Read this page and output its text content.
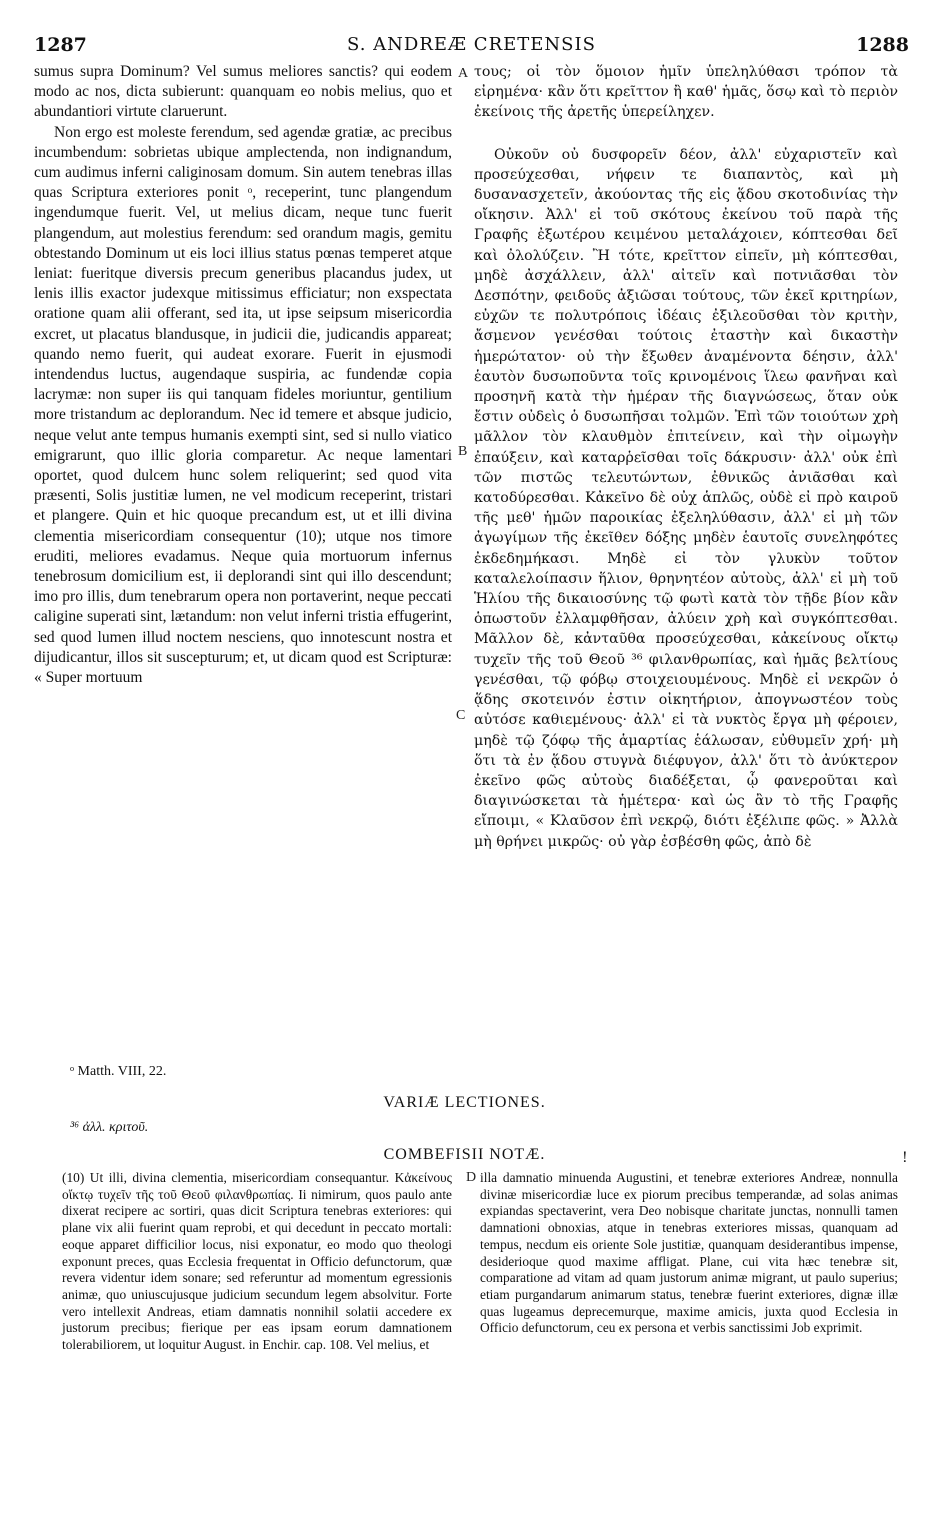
1287	S. ANDREÆ CRETENSIS	1288

sumus supra Dominum? Vel sumus meliores sanctis? qui eodem modo ac nos, dicta subierunt: quanquam eo nobis melius, quo et abundantiori virtute claruerunt.

Non ergo est moleste ferendum, sed agendæ gratiæ, ac precibus incumbendum: sobrietas ubique amplectenda, non indignandum, cum audimus inferni caliginosam domum. Sin autem tenebras illas quas Scriptura exteriores ponit ᵒ, receperint, tunc plangendum ingendumque fuerit. Vel, ut melius dicam, neque tunc fuerit plangendum, aut molestius ferendum: sed orandum magis, gemitu obtestando Dominum ut eis loci illius status pœnas temperet atque leniat: fueritque diversis precum generibus placandus judex, ut lenis illis exactor judexque mitissimus efficiatur; non exspectata oratione quam alii offerant, sed ita, ut ipse seipsum misericordia excret, ut placatus blandusque, in judicii die, judicandis appareat; quando nemo fuerit, qui audeat exorare. Fuerit in ejusmodi intendendus luctus, augendaque suspiria, ac fundendæ copia lacrymæ: non super iis qui tanquam fideles moriuntur, gentilium more tristandum ac deplorandum. Nec id temere et absque judicio, neque velut ante tempus humanis exempti sint, sed si nullo viatico emigrarunt, quo illic gloria comparetur. Ac neque lamentari oportet, quod dulcem hunc solem reliquerint; sed quod vita præsenti, Solis justitiæ lumen, ne vel modicum receperint, tristari et plangere. Quin et hic quoque precandum est, ut et illi divina clementia misericordiam consequentur (10); utque nos timore eruditi, meliores evadamus. Neque quia mortuorum infernus tenebrosum domicilium est, ii deplorandi sint qui illo descendunt; imo pro illis, dum tenebrarum opera non portaverint, neque peccati caligine superati sint, lætandum: non velut inferni tristia effugerint, sed quod lumen illud noctem nesciens, quo innotescunt nostra et dijudicantur, illos sit suscepturum; et, ut dicam quod est Scripturæ: « Super mortuum

τους; οἱ τὸν ὅμοιον ἡμῖν ὑπεληλύθασι τρόπον τὰ εἰρημένα· κἂν ὅτι κρεῖττον ἢ καθ' ἡμᾶς, ὅσῳ καὶ τὸ περιὸν ἐκείνοις τῆς ἀρετῆς ὑπερείληχεν.

Οὐκοῦν οὐ δυσφορεῖν δέον, ἀλλ' εὐχαριστεῖν καὶ προσεύχεσθαι, νήφειν τε διαπαντὸς, καὶ μὴ δυσανασχετεῖν, ἀκούοντας τῆς εἰς ᾅδου σκοτοδινίας τὴν οἴκησιν. Ἀλλ' εἰ τοῦ σκότους ἐκείνου τοῦ παρὰ τῆς Γραφῆς ἐξωτέρου κειμένου μεταλάχοιεν, κόπτεσθαι δεῖ καὶ ὀλολύζειν. Ἢ τότε, κρεῖττον εἰπεῖν, μὴ κόπτεσθαι, μηδὲ ἀσχάλλειν, ἀλλ' αἰτεῖν καὶ ποτνιᾶσθαι τὸν Δεσπότην, φειδοῦς ἀξιῶσαι τούτους, τῶν ἐκεῖ κριτηρίων, εὐχῶν τε πολυτρόποις ἰδέαις ἐξιλεοῦσθαι τὸν κριτὴν, ἄσμενον γενέσθαι τούτοις ἐταστὴν καὶ δικαστὴν ἡμερώτατον· οὐ τὴν ἔξωθεν ἀναμένοντα δέησιν, ἀλλ' ἑαυτὸν δυσωποῦντα τοῖς κρινομένοις ἵλεω φανῆναι καὶ προσηνῆ κατὰ τὴν ἡμέραν τῆς διαγνώσεως, ὅταν οὐκ ἔστιν οὐδεὶς ὁ δυσωπῆσαι τολμῶν. Ἐπὶ τῶν τοιούτων χρὴ μᾶλλον τὸν κλαυθμὸν ἐπιτείνειν, καὶ τὴν οἰμωγὴν ἐπαύξειν, καὶ καταρῥεῖσθαι τοῖς δάκρυσιν· ἀλλ' οὐκ ἐπὶ τῶν πιστῶς τελευτώντων, ἐθνικῶς ἀνιᾶσθαι καὶ κατοδύρεσθαι. Κἀκεῖνο δὲ οὐχ ἁπλῶς, οὐδὲ εἰ πρὸ καιροῦ τῆς μεθ' ἡμῶν παροικίας ἐξεληλύθασιν, ἀλλ' εἰ μὴ τῶν ἀγωγίμων τῆς ἐκεῖθεν δόξης μηδὲν ἑαυτοῖς συνεληφότες ἐκδεδημήκασι. Μηδὲ εἰ τὸν γλυκὺν τοῦτον καταλελοίπασιν ἥλιον, θρηνητέον αὐτοὺς, ἀλλ' εἰ μὴ τοῦ Ἡλίου τῆς δικαιοσύνης τῷ φωτὶ κατὰ τὸν τῇδε βίον κἂν ὁπωστοῦν ἐλλαμφθῆσαν, ἀλύειν χρὴ καὶ συγκόπτεσθαι. Μᾶλλον δὲ, κἀνταῦθα προσεύχεσθαι, κἀκείνους οἴκτῳ τυχεῖν τῆς τοῦ Θεοῦ ³⁶ φιλανθρωπίας, καὶ ἡμᾶς βελτίους γενέσθαι, τῷ φόβῳ στοιχειουμένους. Μηδὲ εἰ νεκρῶν ὁ ᾅδης σκοτεινόν ἐστιν οἰκητήριον, ἀπογνωστέον τοὺς αὐτόσε καθιεμένους· ἀλλ' εἰ τὰ νυκτὸς ἔργα μὴ φέροιεν, μηδὲ τῷ ζόφῳ τῆς ἁμαρτίας ἑάλωσαν, εὐθυμεῖν χρή· μὴ ὅτι τὰ ἐν ᾅδου στυγνὰ διέφυγον, ἀλλ' ὅτι τὸ ἀνύκτερον ἐκεῖνο φῶς αὐτοὺς διαδέξεται, ᾧ φανεροῦται καὶ διαγινώσκεται τὰ ἡμέτερα· καὶ ὡς ἂν τὸ τῆς Γραφῆς εἴποιμι, « Κλαῦσον ἐπὶ νεκρῷ, διότι ἐξέλιπε φῶς. » Ἀλλὰ μὴ θρήνει μικρῶς· οὐ γὰρ ἐσβέσθη φῶς, ἀπὸ δὲ

A
B
C
D
ᵒ Matth. VIII, 22.
VARIÆ LECTIONES.
³⁶ ἀλλ. κριτοῦ.
COMBEFISII NOTÆ.	!
(10) Ut illi, divina clementia, misericordiam consequantur. Κἀκείνους οἴκτῳ τυχεῖν τῆς τοῦ Θεοῦ φιλανθρωπίας. Ii nimirum, quos paulo ante dixerat recipere ac sortiri, quas dicit Scriptura tenebras exteriores: qui plane vix alii fuerint quam reprobi, et qui decedunt in peccato mortali: eoque apparet difficilior locus, nisi exponatur, eo modo quo theologi exponunt preces, quas Ecclesia frequentat in Officio defunctorum, quæ revera videntur idem sonare; sed referuntur ad momentum egressionis animæ, quo uniuscujusque judicium secundum legem absolvitur. Forte vero intellexit Andreas, etiam damnatis nonnihil solatii accedere ex justorum precibus; fierique per eas ipsam eorum damnationem tolerabiliorem, ut loquitur August. in Enchir. cap. 108. Vel melius, et
illa damnatio minuenda Augustini, et tenebræ exteriores Andreæ, nonnulla divinæ misericordiæ luce ex piorum precibus temperandæ, ad solas animas expiandas spectaverint, vera Deo nobisque charitate junctas, nonnulli tamen damnationi obnoxias, atque in tenebras exteriores missas, quanquam ad tempus, necdum eis oriente Sole justitiæ, quanquam desiderantibus impense, desiderioque quod maxime affligat. Plane, cui vita hæc tenebræ sit, comparatione ad vitam ad quam justorum animæ migrant, ut paulo superius; etiam purgandarum animarum status, tenebræ fuerint exteriores, dignæ illæ quas lugeamus deprecemurque, maxime amicis, juxta quod Ecclesia in Officio defunctorum, ceu ex persona et verbis sanctissimi Job exprimit.
